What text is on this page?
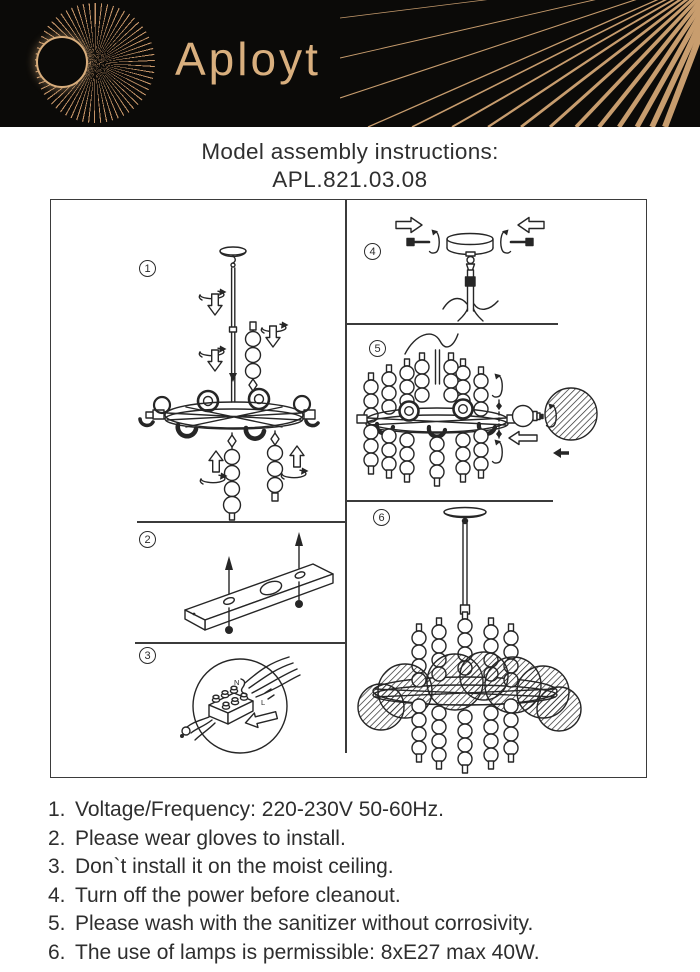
Aployt
Model assembly instructions:
APL.821.03.08
1
2
3
4
5
6
N
L
1. Voltage/Frequency: 220-230V 50-60Hz.
2. Please wear gloves to install.
3. Don`t install it on the moist ceiling.
4. Turn off the power before cleanout.
5. Please wash with the sanitizer without corrosivity.
6. The use of lamps is permissible: 8xE27 max 40W.
